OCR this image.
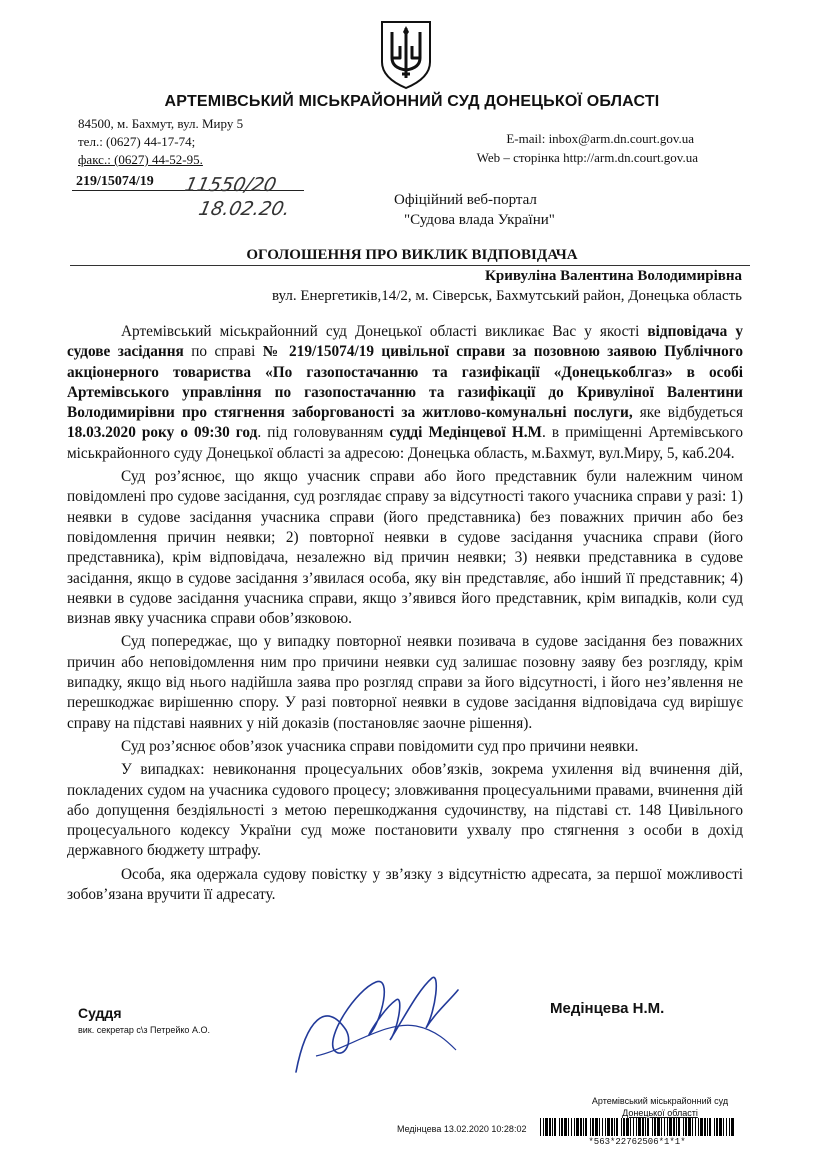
АРТЕМІВСЬКИЙ МІСЬКРАЙОННИЙ СУД ДОНЕЦЬКОЇ ОБЛАСТІ
84500, м. Бахмут, вул. Миру 5
тел.: (0627) 44-17-74;
факс.: (0627) 44-52-95.
E-mail: inbox@arm.dn.court.gov.ua
Web – сторінка http://arm.dn.court.gov.ua
219/15074/19 11550/20
18.02.20.	Офіційний веб-портал
"Судова влада України"
ОГОЛОШЕННЯ ПРО ВИКЛИК ВІДПОВІДАЧА
Кривуліна Валентина Володимирівна
вул. Енергетиків,14/2, м. Сіверськ, Бахмутський район, Донецька область

Артемівський міськрайонний суд Донецької області викликає Вас у якості відповідача у судове засідання по справі № 219/15074/19 цивільної справи за позовною заявою Публічного акціонерного товариства «По газопостачанню та газифікації «Донецькоблгаз» в особі Артемівського управління по газопостачанню та газифікації до Кривуліної Валентини Володимирівни про стягнення заборгованості за житлово-комунальні послуги, яке відбудеться 18.03.2020 року о 09:30 год. під головуванням судді Медінцевої Н.М. в приміщенні Артемівського міськрайонного суду Донецької області за адресою: Донецька область, м.Бахмут, вул.Миру, 5, каб.204.

Суд роз’яснює, що якщо учасник справи або його представник були належним чином повідомлені про судове засідання, суд розглядає справу за відсутності такого учасника справи у разі: 1) неявки в судове засідання учасника справи (його представника) без поважних причин або без повідомлення причин неявки; 2) повторної неявки в судове засідання учасника справи (його представника), крім відповідача, незалежно від причин неявки; 3) неявки представника в судове засідання, якщо в судове засідання з’явилася особа, яку він представляє, або інший її представник; 4) неявки в судове засідання учасника справи, якщо з’явився його представник, крім випадків, коли суд визнав явку учасника справи обов’язковою.

Суд попереджає, що у випадку повторної неявки позивача в судове засідання без поважних причин або неповідомлення ним про причини неявки суд залишає позовну заяву без розгляду, крім випадку, якщо від нього надійшла заява про розгляд справи за його відсутності, і його нез’явлення не перешкоджає вирішенню спору. У разі повторної неявки в судове засідання відповідача суд вирішує справу на підставі наявних у ній доказів (постановляє заочне рішення).

Суд роз’яснює обов’язок учасника справи повідомити суд про причини неявки.

У випадках: невиконання процесуальних обов’язків, зокрема ухилення від вчинення дій, покладених судом на учасника судового процесу; зловживання процесуальними правами, вчинення дій або допущення бездіяльності з метою перешкоджання судочинству, на підставі ст. 148 Цивільного процесуального кодексу України суд може постановити ухвалу про стягнення з особи в дохід державного бюджету штрафу.

Особа, яка одержала судову повістку у зв’язку з відсутністю адресата, за першої можливості зобов’язана вручити її адресату.

Суддя
вик. секретар с\з Петрейко А.О.
Медінцева Н.М.
Артемівський міськрайонний суд
Донецької області
Медінцева 13.02.2020 10:28:02
*563*22762506*1*1*
